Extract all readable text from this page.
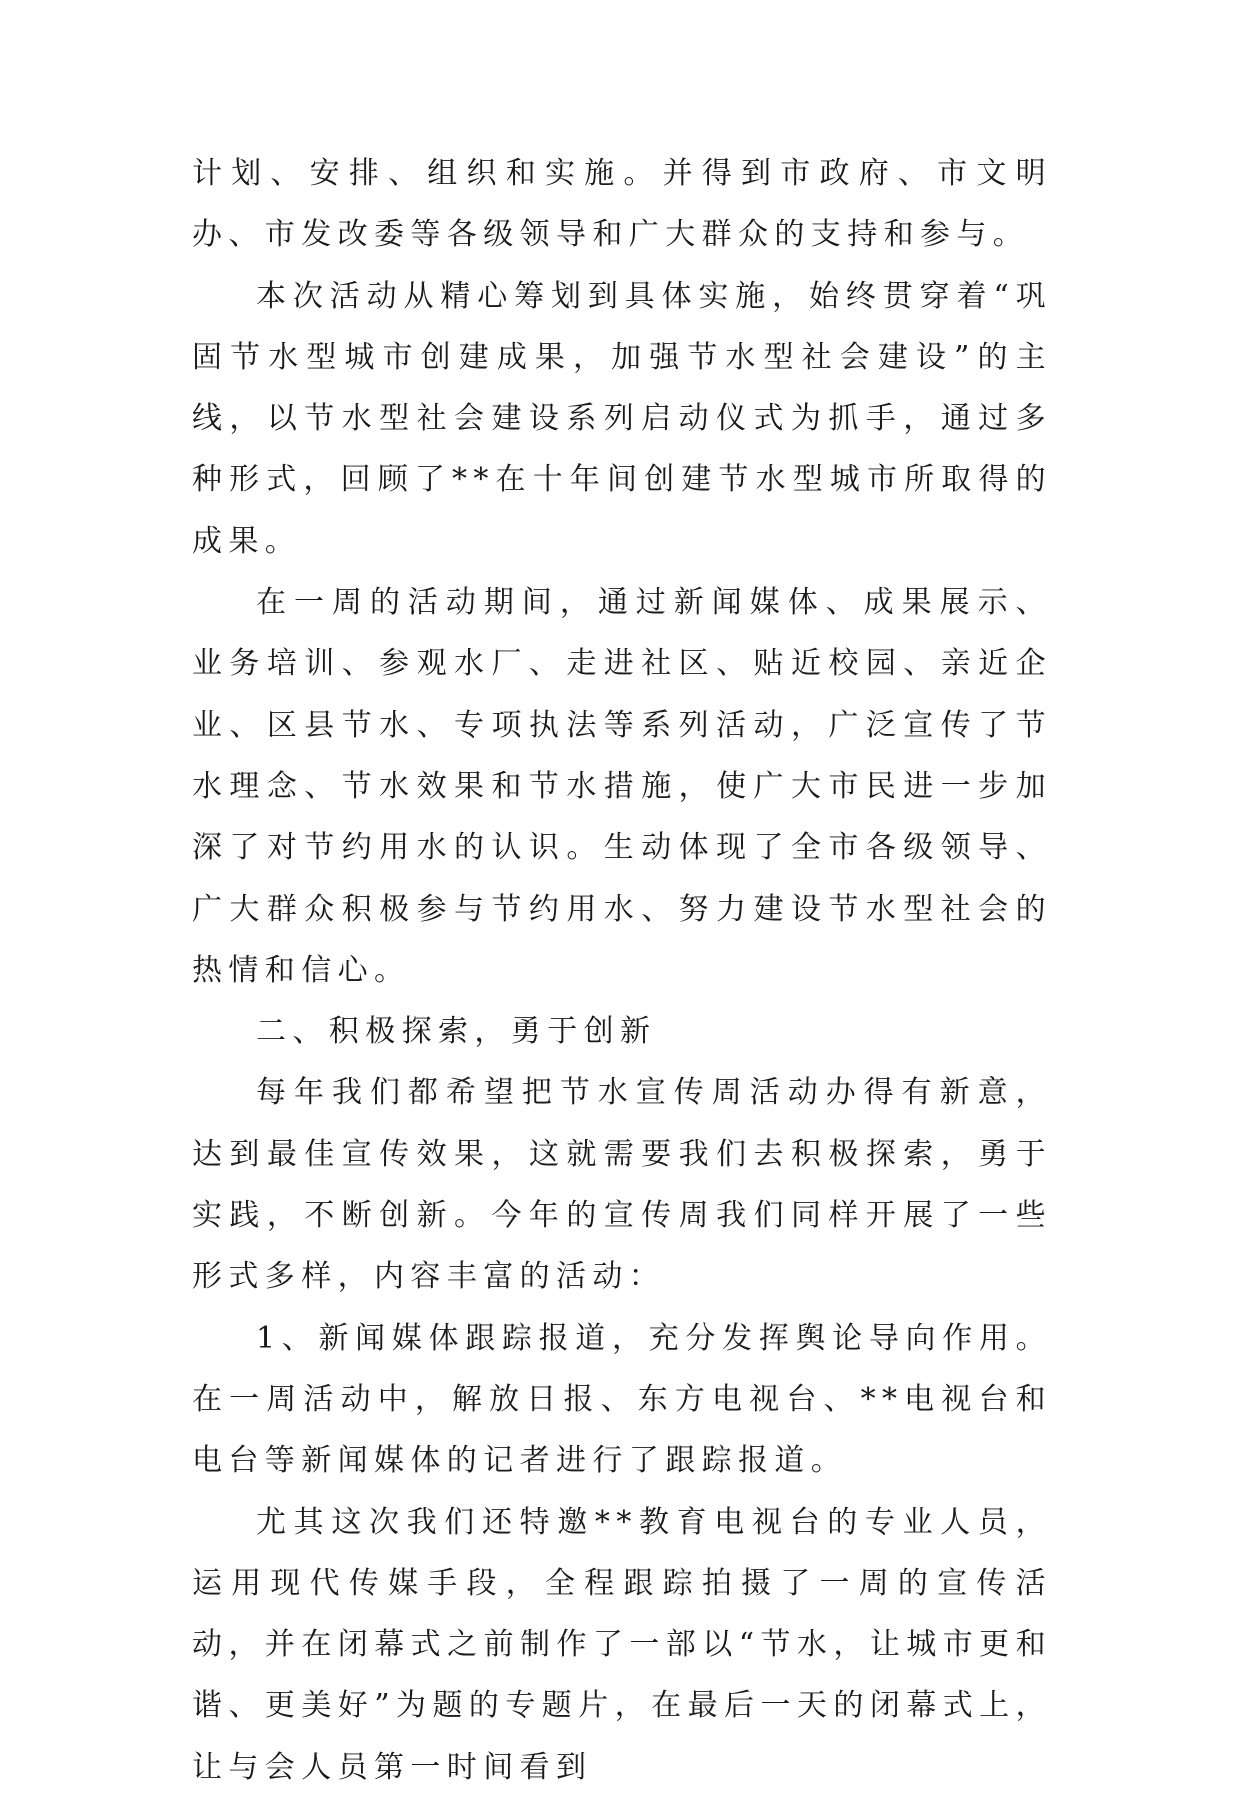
计划、安排、组织和实施。并得到市政府、市文明办、市发改委等各级领导和广大群众的支持和参与。

本次活动从精心筹划到具体实施，始终贯穿着“巩固节水型城市创建成果，加强节水型社会建设”的主线，以节水型社会建设系列启动仪式为抓手，通过多种形式，回顾了**在十年间创建节水型城市所取得的成果。

在一周的活动期间，通过新闻媒体、成果展示、业务培训、参观水厂、走进社区、贴近校园、亲近企业、区县节水、专项执法等系列活动，广泛宣传了节水理念、节水效果和节水措施，使广大市民进一步加深了对节约用水的认识。生动体现了全市各级领导、广大群众积极参与节约用水、努力建设节水型社会的热情和信心。

二、积极探索，勇于创新

每年我们都希望把节水宣传周活动办得有新意，达到最佳宣传效果，这就需要我们去积极探索，勇于实践，不断创新。今年的宣传周我们同样开展了一些形式多样，内容丰富的活动：

1、新闻媒体跟踪报道，充分发挥舆论导向作用。在一周活动中，解放日报、东方电视台、**电视台和电台等新闻媒体的记者进行了跟踪报道。

尤其这次我们还特邀**教育电视台的专业人员，运用现代传媒手段，全程跟踪拍摄了一周的宣传活动，并在闭幕式之前制作了一部以“节水，让城市更和谐、更美好”为题的专题片，在最后一天的闭幕式上，让与会人员第一时间看到
